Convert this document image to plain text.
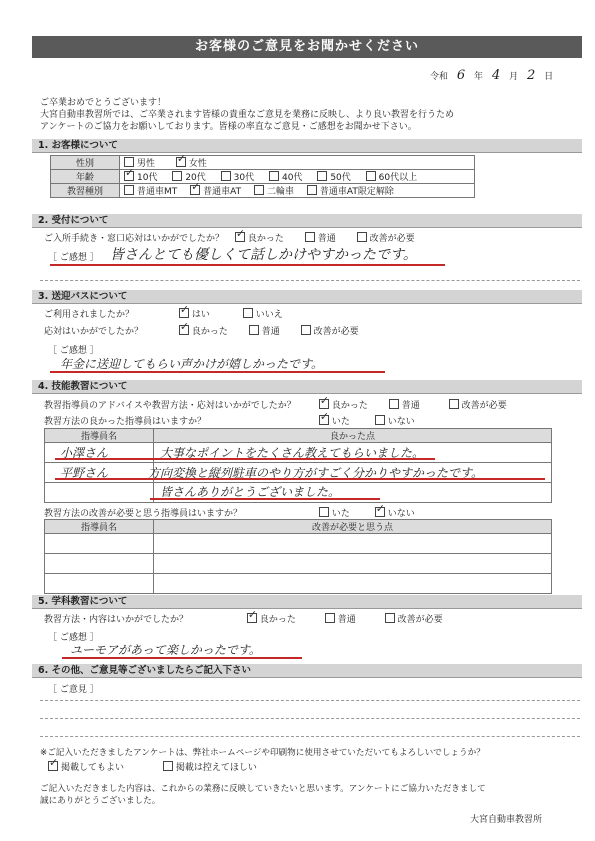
お客様のご意見をお聞かせください
令和 6 年 4 月 2 日
ご卒業おめでとうございます！
大宮自動車教習所では、ご卒業されます皆様の貴重なご意見を業務に反映し、より良い教習を行うため
アンケートのご協力をお願いしております。皆様の率直なご意見・ご感想をお聞かせ下さい。
1. お客様について
性別	男性 ✓ 女性
年齢	✓10代 20代 30代 40代 50代 60代以上
教習種別	普通車MT ✓ 普通車AT 二輪車 普通車AT限定解除
2. 受付について
ご入所手続き・窓口応対はいかがでしたか？ ✓	良かった	普通	改善が必要
［ ご感想 ］ 皆さんとても優しくて話しかけやすかったです。
3. 送迎バスについて
ご利用されましたか？ ✓	はい	いいえ
応対はいかがでしたか？ ✓	良かった	普通	改善が必要
［ ご感想 ］
年金に送迎してもらい声かけが嬉しかったです。
4. 技能教習について
教習指導員のアドバイスや教習方法・応対はいかがでしたか？ ✓	良かった	普通	改善が必要
教習方法の良かった指導員はいますか？ ✓	いた	いない
指導員名	良かった点

小澤さん	大事なポイントをたくさん教えてもらいました。
平野さん	方向変換と縦列駐車のやり方がすごく分かりやすかったです。
皆さんありがとうございました。
教習方法の改善が必要と思う指導員はいますか？	いた ✓	いない
指導員名	改善が必要と思う点

5. 学科教習について
教習方法・内容はいかがでしたか？ ✓	良かった	普通	改善が必要
［ ご感想 ］
ユーモアがあって楽しかったです。
6. その他、ご意見等ございましたらご記入下さい
［ ご意見 ］
※ご記入いただきましたアンケートは、弊社ホームページや印刷物に使用させていただいてもよろしいでしょうか？
✓掲載してもよい	掲載は控えてほしい
ご記入いただきました内容は、これからの業務に反映していきたいと思います。アンケートにご協力いただきまして
誠にありがとうございました。
大宮自動車教習所
